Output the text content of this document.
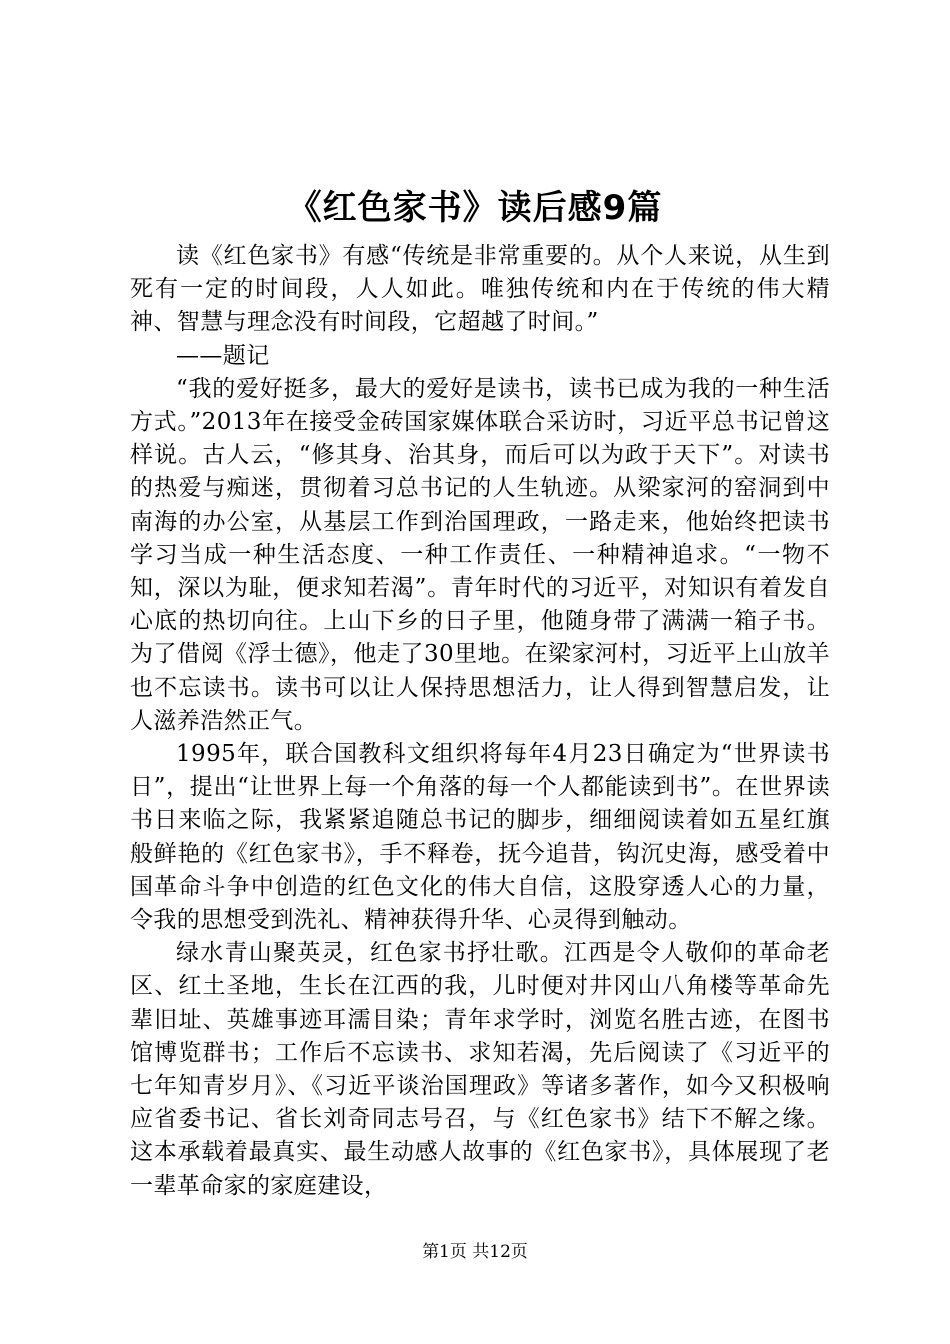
《红色家书》读后感9篇

读《红色家书》有感“传统是非常重要的。从个人来说，从生到死有一定的时间段，人人如此。唯独传统和内在于传统的伟大精神、智慧与理念没有时间段，它超越了时间。”

——题记

“我的爱好挺多，最大的爱好是读书，读书已成为我的一种生活方式。”2013年在接受金砖国家媒体联合采访时，习近平总书记曾这样说。古人云，“修其身、治其身，而后可以为政于天下”。对读书的热爱与痴迷，贯彻着习总书记的人生轨迹。从梁家河的窑洞到中南海的办公室，从基层工作到治国理政，一路走来，他始终把读书学习当成一种生活态度、一种工作责任、一种精神追求。“一物不知，深以为耻，便求知若渴”。青年时代的习近平，对知识有着发自心底的热切向往。上山下乡的日子里，他随身带了满满一箱子书。为了借阅《浮士德》，他走了30里地。在梁家河村，习近平上山放羊也不忘读书。读书可以让人保持思想活力，让人得到智慧启发，让人滋养浩然正气。

1995年，联合国教科文组织将每年4月23日确定为“世界读书日”，提出“让世界上每一个角落的每一个人都能读到书”。在世界读书日来临之际，我紧紧追随总书记的脚步，细细阅读着如五星红旗般鲜艳的《红色家书》，手不释卷，抚今追昔，钩沉史海，感受着中国革命斗争中创造的红色文化的伟大自信，这股穿透人心的力量，令我的思想受到洗礼、精神获得升华、心灵得到触动。

绿水青山聚英灵，红色家书抒壮歌。江西是令人敬仰的革命老区、红土圣地，生长在江西的我，儿时便对井冈山八角楼等革命先辈旧址、英雄事迹耳濡目染；青年求学时，浏览名胜古迹，在图书馆博览群书；工作后不忘读书、求知若渴，先后阅读了《习近平的七年知青岁月》、《习近平谈治国理政》等诸多著作，如今又积极响应省委书记、省长刘奇同志号召，与《红色家书》结下不解之缘。这本承载着最真实、最生动感人故事的《红色家书》，具体展现了老一辈革命家的家庭建设，

第1页 共12页
